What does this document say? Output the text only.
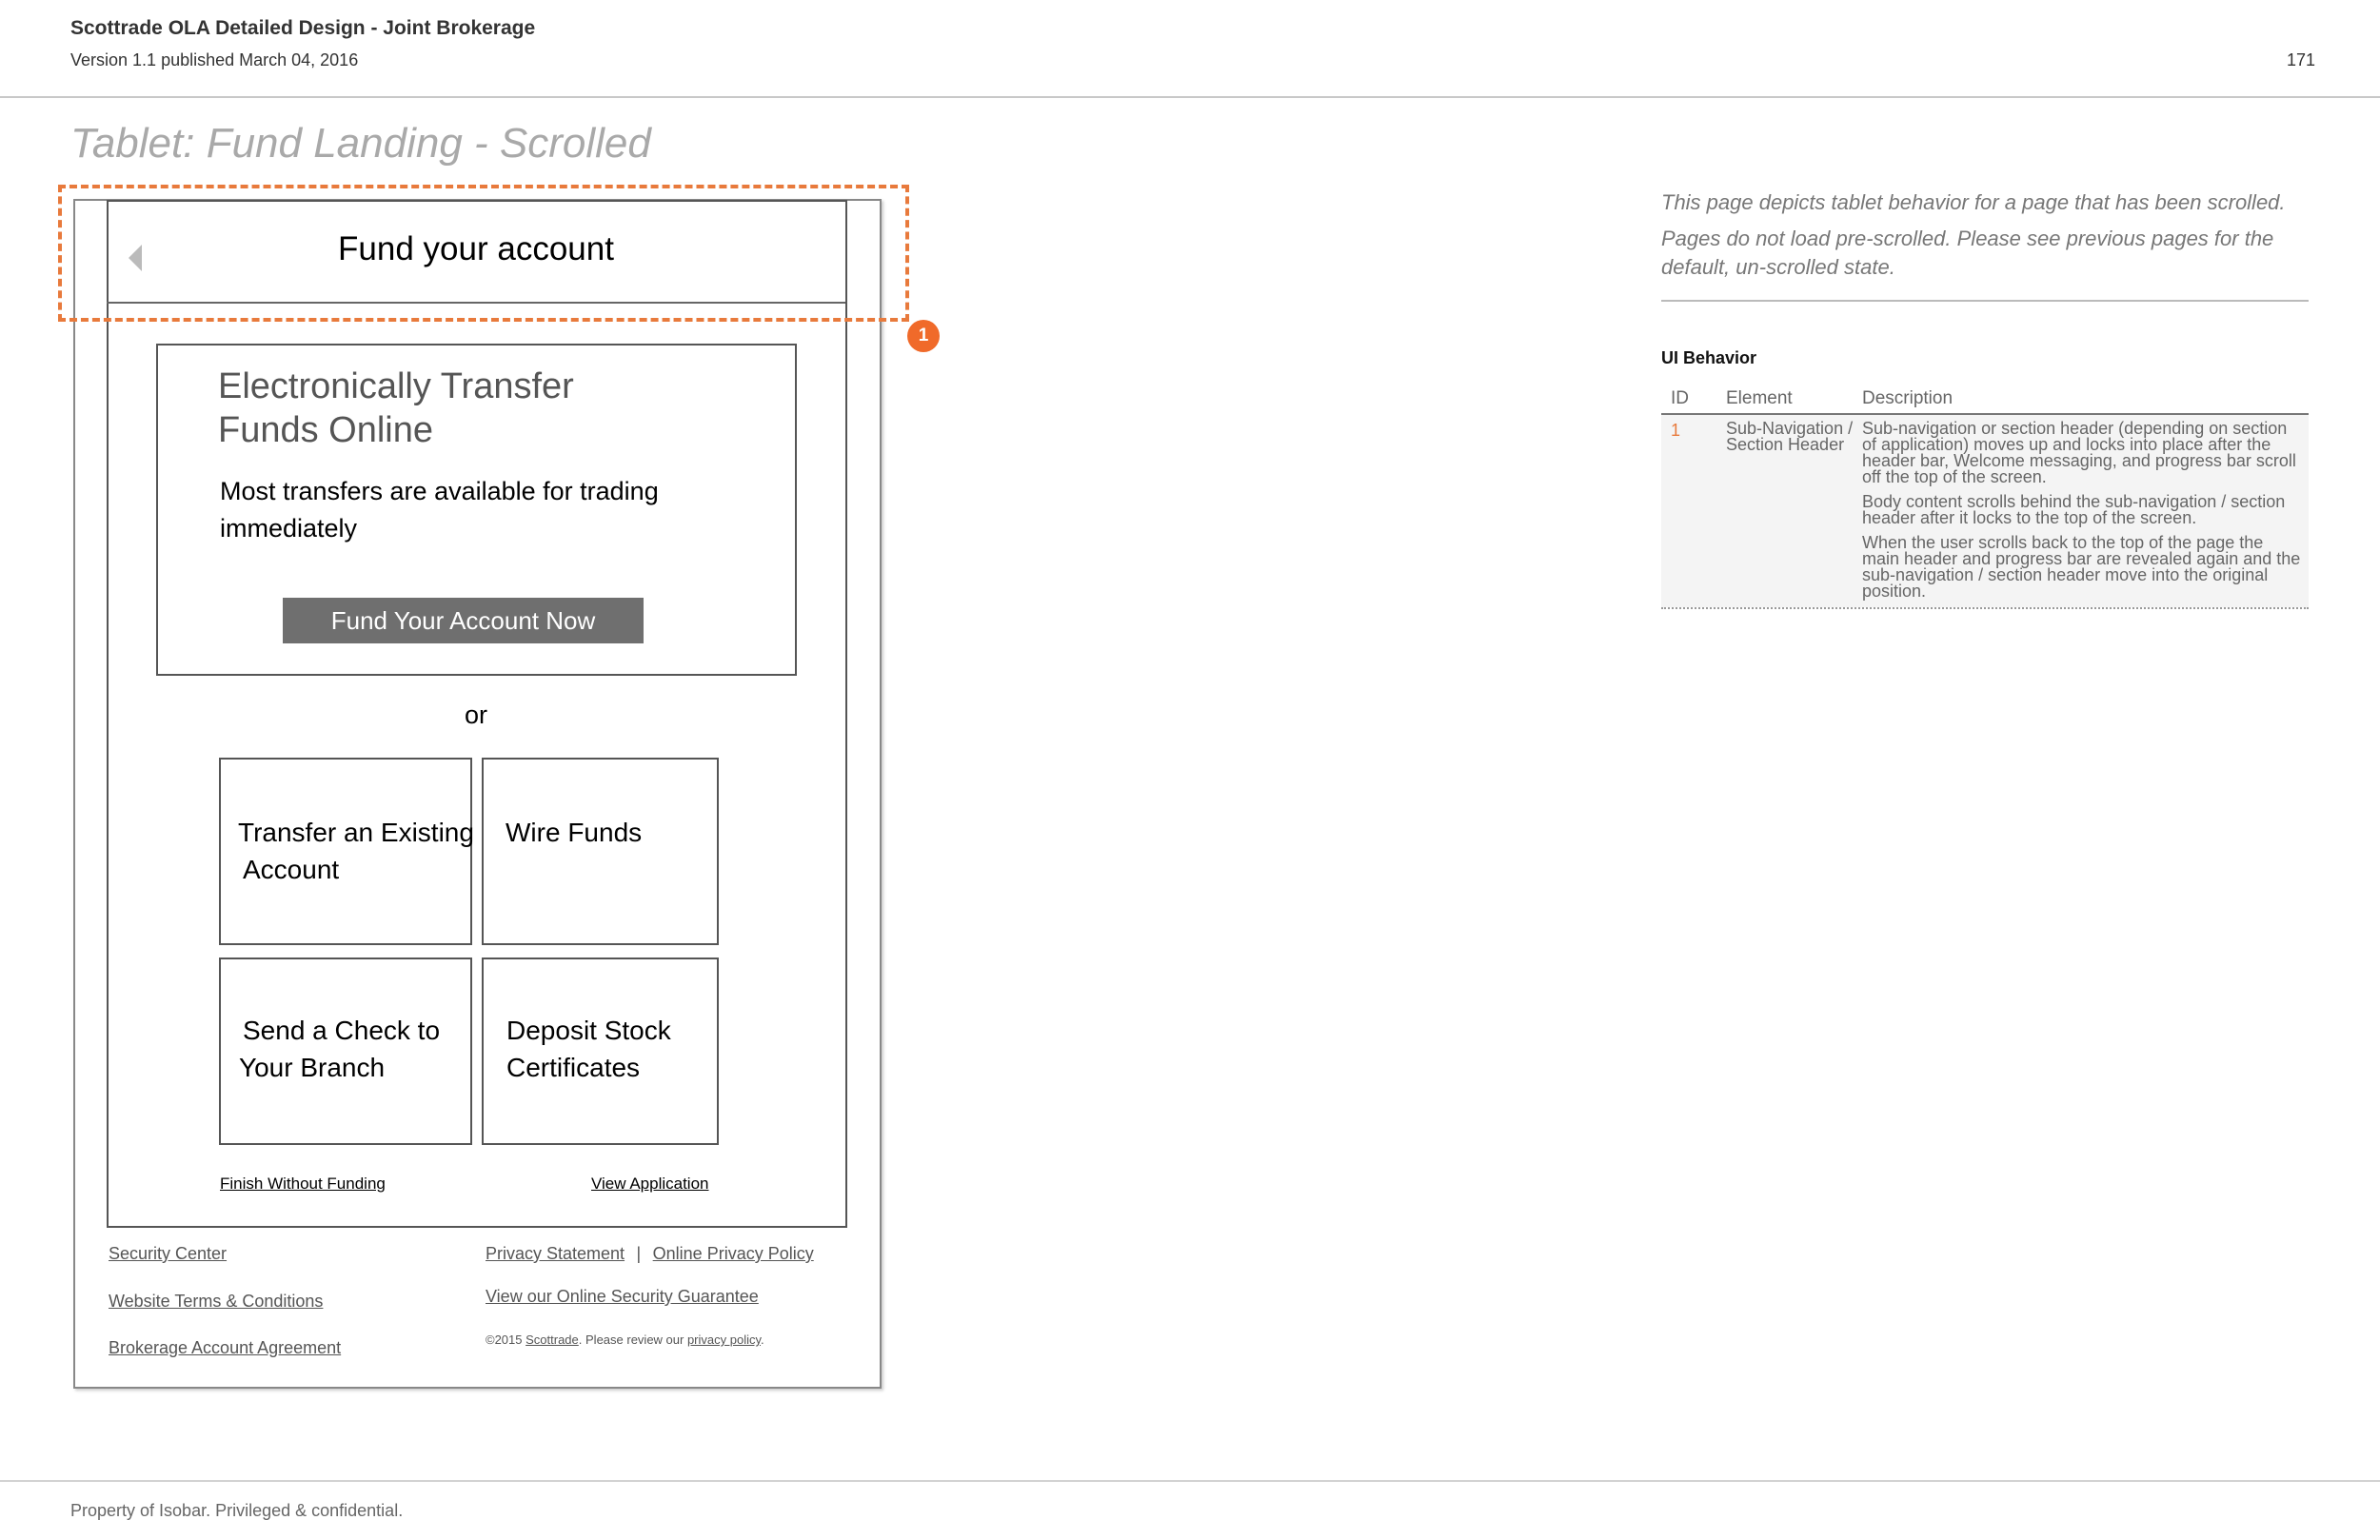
Scottrade OLA Detailed Design - Joint Brokerage
Version 1.1 published March 04, 2016	171
Tablet: Fund Landing - Scrolled
Fund your account
1
Electronically Transfer
Funds Online
Most transfers are available for trading
immediately
Fund Your Account Now
or
Transfer an Existing
Account
Wire Funds
Send a Check to
Your Branch
Deposit Stock
Certificates
Finish Without Funding	View Application
Security Center
Website Terms & Conditions
Brokerage Account Agreement
Privacy Statement | Online Privacy Policy
View our Online Security Guarantee
©2015 Scottrade. Please review our privacy policy.

This page depicts tablet behavior for a page that has been scrolled.

Pages do not load pre-scrolled. Please see previous pages for the default, un-scrolled state.

UI Behavior
ID Element	Description
1	Sub-Navigation / Section Header

Sub-navigation or section header (depending on section of application) moves up and locks into place after the header bar, Welcome messaging, and progress bar scroll off the top of the screen.

Body content scrolls behind the sub-navigation / section header after it locks to the top of the screen.

When the user scrolls back to the top of the page the main header and progress bar are revealed again and the sub-navigation / section header move into the original position.

Property of Isobar. Privileged & confidential.
